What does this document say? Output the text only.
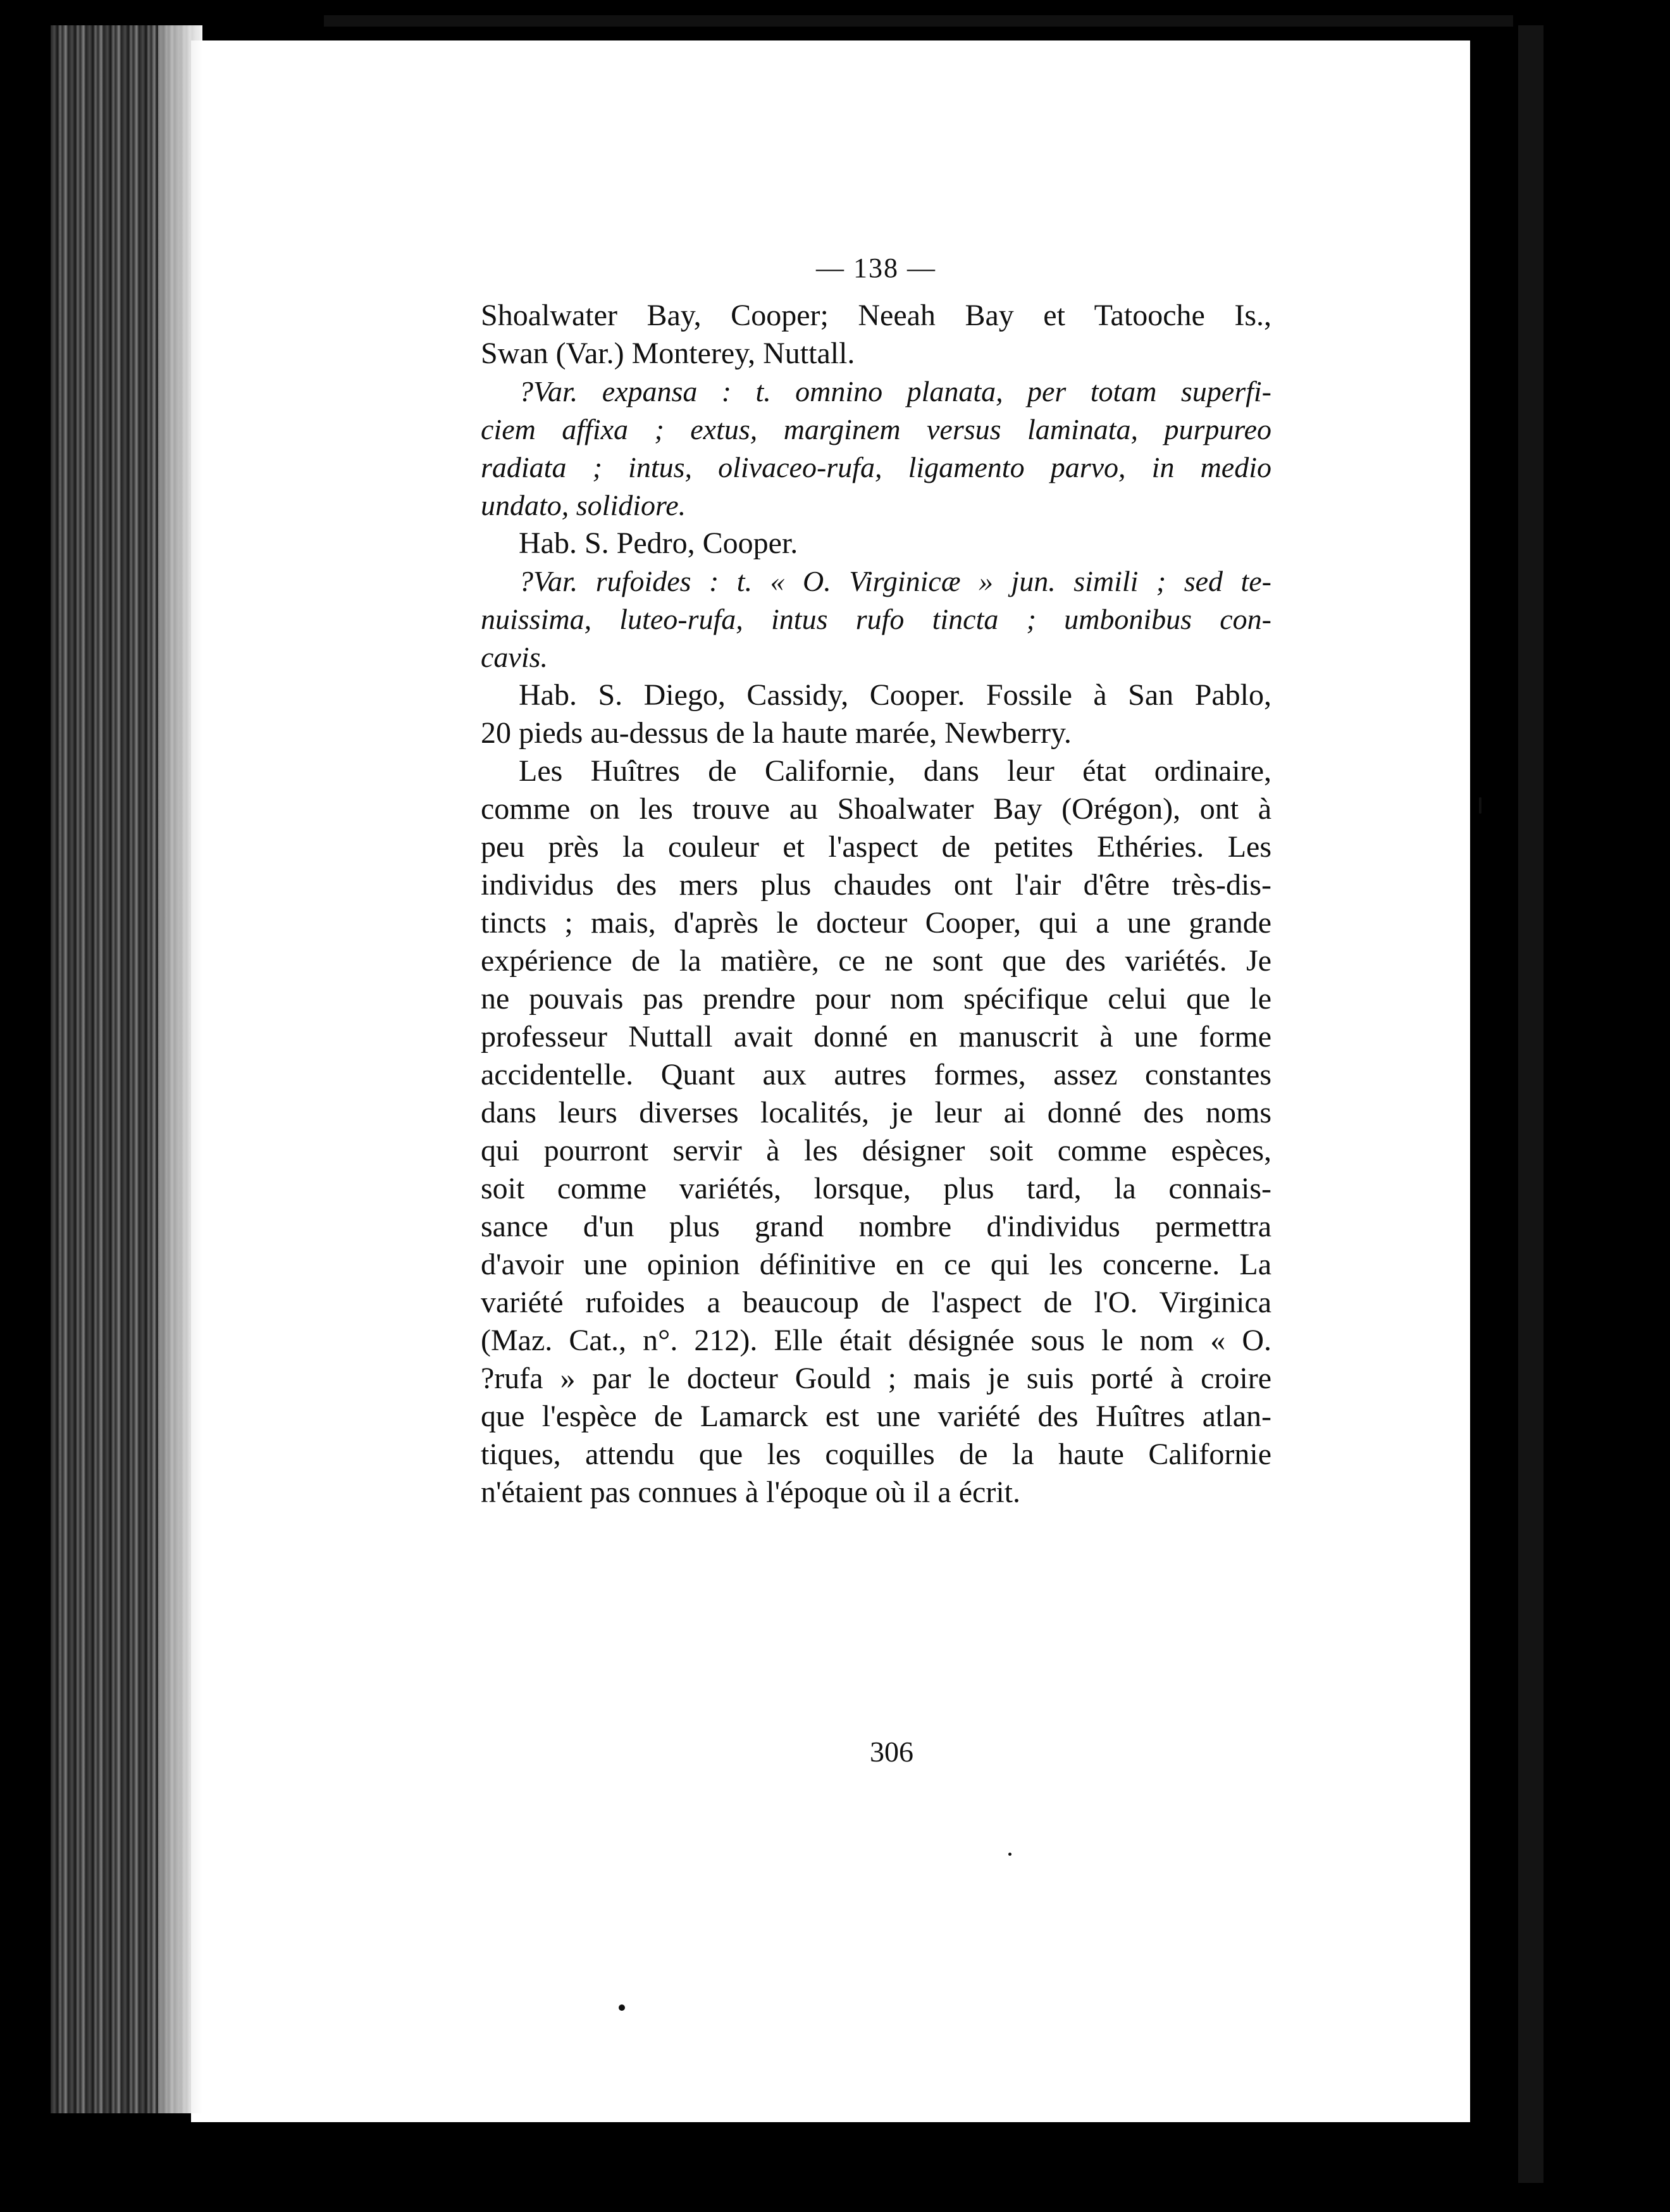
— 138 —
Shoalwater Bay, Cooper; Neeah Bay et Tatooche Is.,
Swan (Var.) Monterey, Nuttall.
?Var. expansa : t. omnino planata, per totam superfi-
ciem affixa ; extus, marginem versus laminata, purpureo
radiata ; intus, olivaceo-rufa, ligamento parvo, in medio
undato, solidiore.
Hab. S. Pedro, Cooper.
?Var. rufoides : t. « O. Virginicæ » jun. simili ; sed te-
nuissima, luteo-rufa, intus rufo tincta ; umbonibus con-
cavis.
Hab. S. Diego, Cassidy, Cooper. Fossile à San Pablo,
20 pieds au-dessus de la haute marée, Newberry.
Les Huîtres de Californie, dans leur état ordinaire,
comme on les trouve au Shoalwater Bay (Orégon), ont à
peu près la couleur et l'aspect de petites Ethéries. Les
individus des mers plus chaudes ont l'air d'être très-dis-
tincts ; mais, d'après le docteur Cooper, qui a une grande
expérience de la matière, ce ne sont que des variétés. Je
ne pouvais pas prendre pour nom spécifique celui que le
professeur Nuttall avait donné en manuscrit à une forme
accidentelle. Quant aux autres formes, assez constantes
dans leurs diverses localités, je leur ai donné des noms
qui pourront servir à les désigner soit comme espèces,
soit comme variétés, lorsque, plus tard, la connais-
sance d'un plus grand nombre d'individus permettra
d'avoir une opinion définitive en ce qui les concerne. La
variété rufoides a beaucoup de l'aspect de l'O. Virginica
(Maz. Cat., n°. 212). Elle était désignée sous le nom « O.
?rufa » par le docteur Gould ; mais je suis porté à croire
que l'espèce de Lamarck est une variété des Huîtres atlan-
tiques, attendu que les coquilles de la haute Californie
n'étaient pas connues à l'époque où il a écrit.
306
